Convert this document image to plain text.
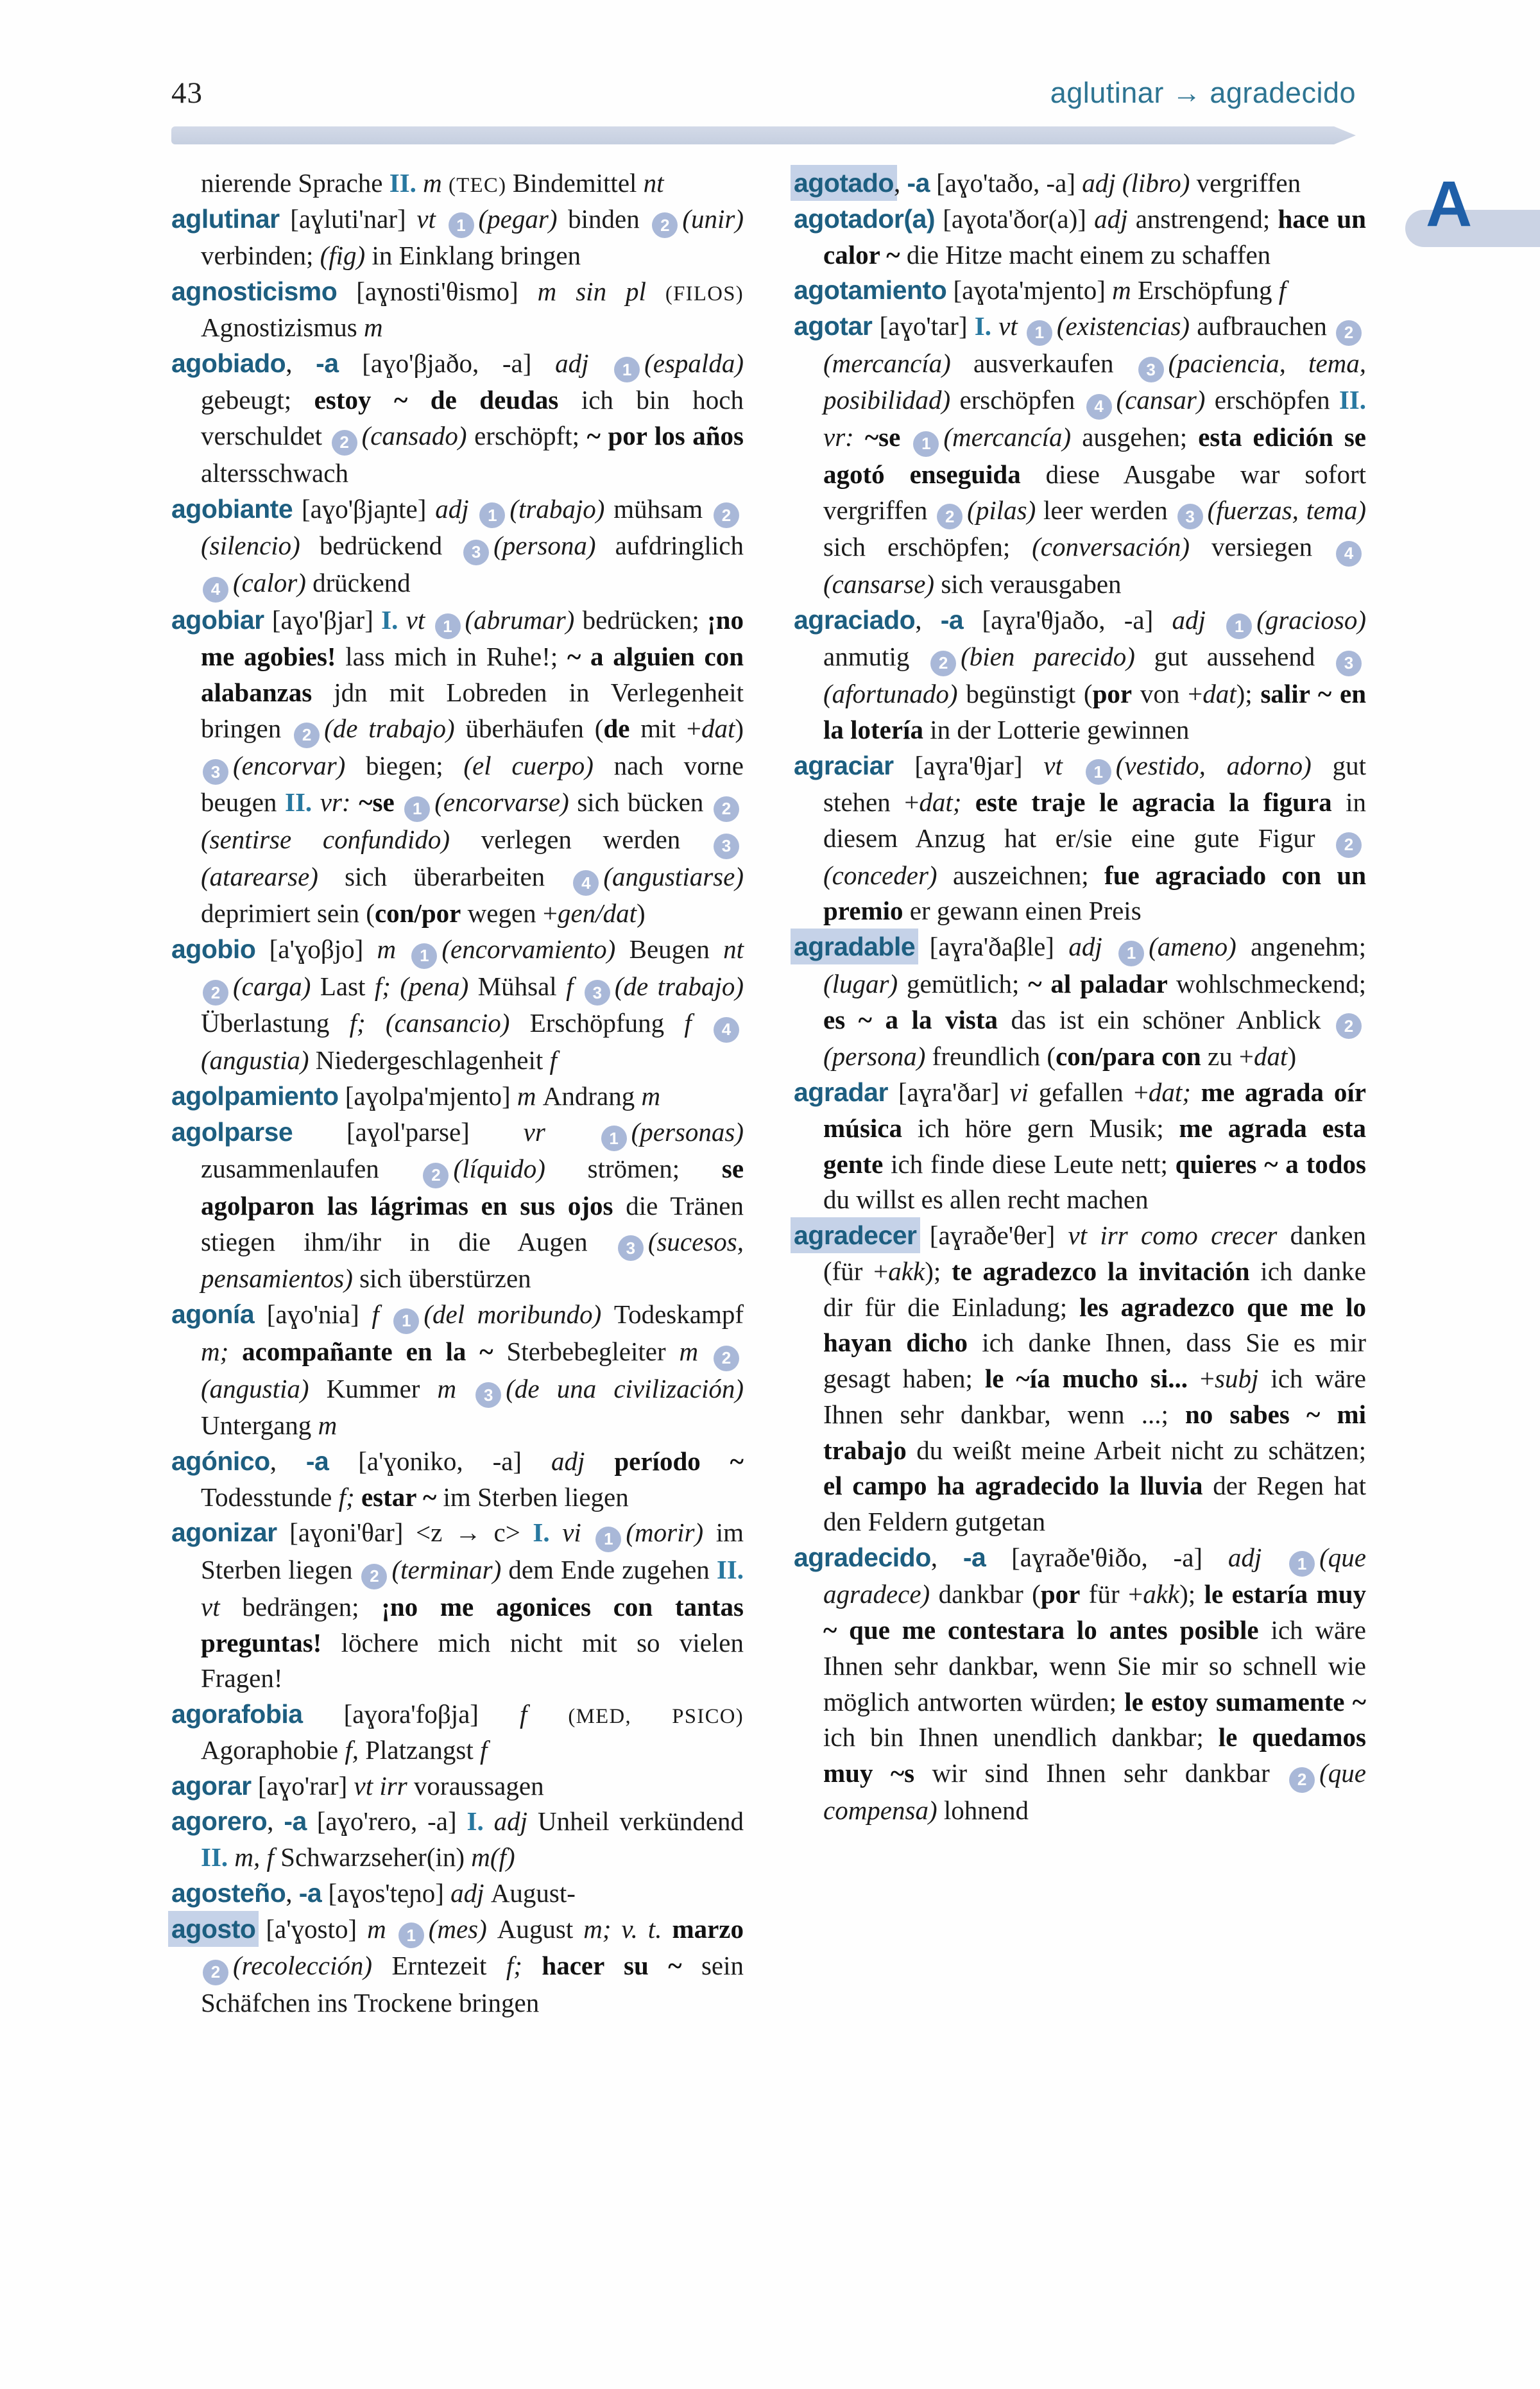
43	aglutinar → agradecido
A
nierende Sprache II. m (TEC) Bindemittel nt
aglutinar [aɣluti'nar] vt 1 (pegar) binden 2 (unir) verbinden; (fig) in Einklang bringen
agnosticismo [aɣnosti'θismo] m sin pl (FILOS) Agnostizismus m
agobiado, -a [aɣo'βjaðo, -a] adj 1 (espalda) gebeugt; estoy ~ de deudas ich bin hoch verschuldet 2 (cansado) erschöpft; ~ por los años altersschwach
agobiante [aɣo'βjaɲte] adj 1 (trabajo) mühsam 2(silencio) bedrückend 3 (persona) aufdringlich 4 (calor) drückend
agobiar [aɣo'βjar] I. vt 1 (abrumar) bedrücken; ¡no me agobies! lass mich in Ruhe!; ~ a alguien con alabanzas jdn mit Lobreden in Verlegenheit bringen 2 (de trabajo) überhäufen (de mit +dat) 3 (encorvar) biegen; (el cuerpo) nach vorne beugen II. vr: ~se 1 (encorvarse) sich bücken 2(sentirse confundido) verlegen werden 3(atarearse) sich überarbeiten 4 (angustiarse) deprimiert sein (con/por wegen +gen/dat)
agobio [a'ɣoβjo] m 1 (encorvamiento) Beugen nt 2 (carga) Last f; (pena) Mühsal f 3 (de trabajo) Überlastung f; (cansancio) Erschöpfung f 4(angustia) Niedergeschlagenheit f
agolpamiento [aɣolpa'mjento] m Andrang m
agolparse [aɣol'parse] vr 1 (personas) zusammenlaufen 2 (líquido) strömen; se agolparon las lágrimas en sus ojos die Tränen stiegen ihm/ihr in die Augen 3 (sucesos, pensamientos) sich überstürzen
agonía [aɣo'nia] f 1 (del moribundo) Todeskampf m; acompañante en la ~ Sterbebegleiter m 2(angustia) Kummer m 3 (de una civilización) Untergang m
agónico, -a [a'ɣoniko, -a] adj período ~ Todesstunde f; estar ~ im Sterben liegen
agonizar [aɣoni'θar] <z → c> I. vi 1 (morir) im Sterben liegen 2 (terminar) dem Ende zugehen II. vt bedrängen; ¡no me agonices con tantas preguntas! löchere mich nicht mit so vielen Fragen!
agorafobia [aɣora'foβja] f (MED, PSICO) Agoraphobie f, Platzangst f
agorar [aɣo'rar] vt irr voraussagen
agorero, -a [aɣo'rero, -a] I. adj Unheil verkündend II. m, f Schwarzseher(in) m(f)
agosteño, -a [aɣos'teɲo] adj August-
agosto [a'ɣosto] m 1 (mes) August m; v. t. marzo 2 (recolección) Erntezeit f; hacer su ~ sein Schäfchen ins Trockene bringen
agotado, -a [aɣo'taðo, -a] adj (libro) vergriffen
agotador(a) [aɣota'ðor(a)] adj anstrengend; hace un calor ~ die Hitze macht einem zu schaffen
agotamiento [aɣota'mjento] m Erschöpfung f
agotar [aɣo'tar] I. vt 1 (existencias) aufbrauchen 2(mercancía) ausverkaufen 3 (paciencia, tema, posibilidad) erschöpfen 4 (cansar) erschöpfen II. vr: ~se 1 (mercancía) ausgehen; esta edición se agotó enseguida diese Ausgabe war sofort vergriffen 2 (pilas) leer werden 3 (fuerzas, tema) sich erschöpfen; (conversación) versiegen 4(cansarse) sich verausgaben
agraciado, -a [aɣra'θjaðo, -a] adj 1 (gracioso) anmutig 2 (bien parecido) gut aussehend 3(afortunado) begünstigt (por von +dat); salir ~ en la lotería in der Lotterie gewinnen
agraciar [aɣra'θjar] vt 1 (vestido, adorno) gut stehen +dat; este traje le agracia la figura in diesem Anzug hat er/sie eine gute Figur 2(conceder) auszeichnen; fue agraciado con un premio er gewann einen Preis
agradable [aɣra'ðaβle] adj 1 (ameno) angenehm; (lugar) gemütlich; ~ al paladar wohlschmeckend; es ~ a la vista das ist ein schöner Anblick 2(persona) freundlich (con/para con zu +dat)
agradar [aɣra'ðar] vi gefallen +dat; me agrada oír música ich höre gern Musik; me agrada esta gente ich finde diese Leute nett; quieres ~ a todos du willst es allen recht machen
agradecer [aɣraðe'θer] vt irr como crecer danken (für +akk); te agradezco la invitación ich danke dir für die Einladung; les agradezco que me lo hayan dicho ich danke Ihnen, dass Sie es mir gesagt haben; le ~ía mucho si... +subj ich wäre Ihnen sehr dankbar, wenn ...; no sabes ~ mi trabajo du weißt meine Arbeit nicht zu schätzen; el campo ha agradecido la lluvia der Regen hat den Feldern gutgetan
agradecido, -a [aɣraðe'θiðo, -a] adj 1 (que agradece) dankbar (por für +akk); le estaría muy ~ que me contestara lo antes posible ich wäre Ihnen sehr dankbar, wenn Sie mir so schnell wie möglich antworten würden; le estoy sumamente ~ ich bin Ihnen unendlich dankbar; le quedamos muy ~s wir sind Ihnen sehr dankbar 2 (que compensa) lohnend
